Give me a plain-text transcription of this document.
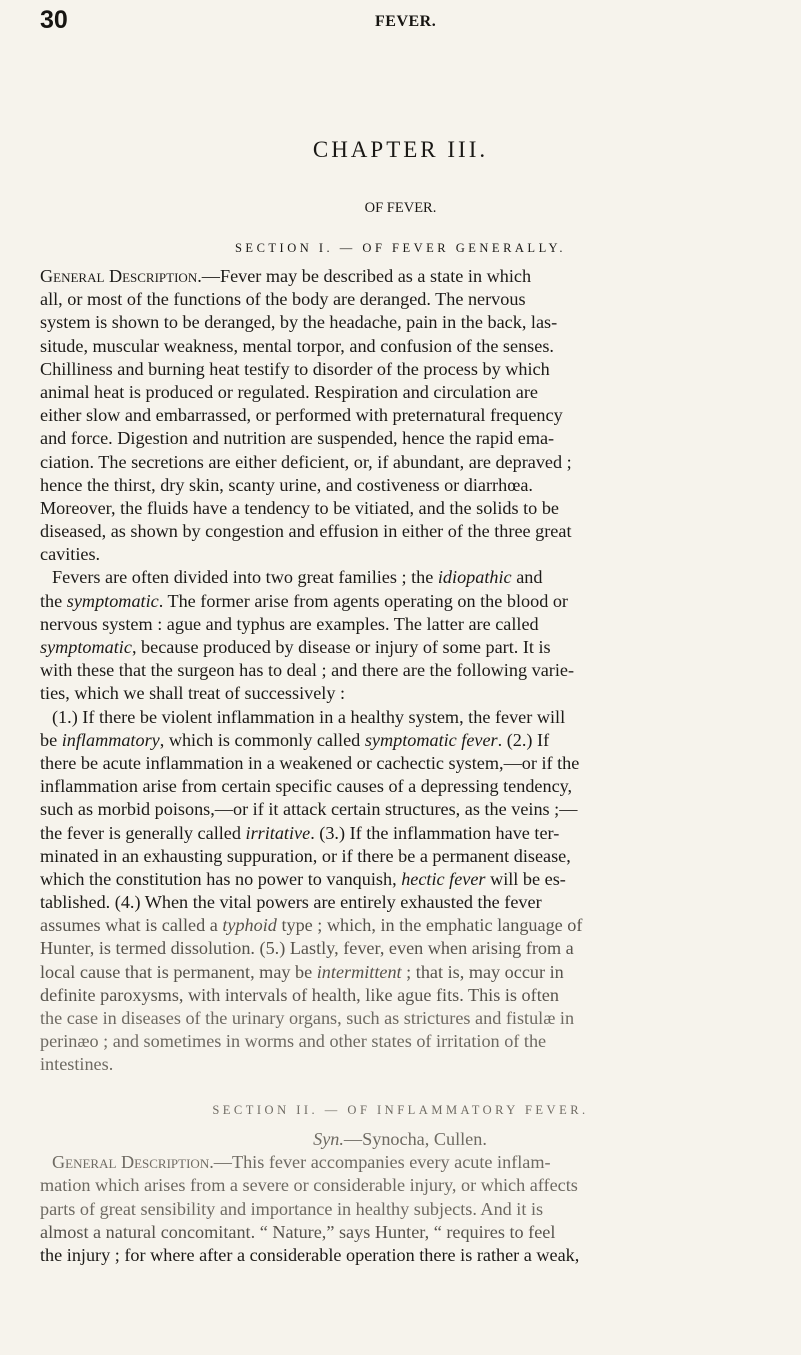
30	FEVER.
CHAPTER III.
OF FEVER.
SECTION I. — OF FEVER GENERALLY.
General Description.—Fever may be described as a state in which
all, or most of the functions of the body are deranged. The nervous
system is shown to be deranged, by the headache, pain in the back, las-
situde, muscular weakness, mental torpor, and confusion of the senses.
Chilliness and burning heat testify to disorder of the process by which
animal heat is produced or regulated. Respiration and circulation are
either slow and embarrassed, or performed with preternatural frequency
and force. Digestion and nutrition are suspended, hence the rapid ema-
ciation. The secretions are either deficient, or, if abundant, are depraved ;
hence the thirst, dry skin, scanty urine, and costiveness or diarrhœa.
Moreover, the fluids have a tendency to be vitiated, and the solids to be
diseased, as shown by congestion and effusion in either of the three great
cavities.
Fevers are often divided into two great families ; the idiopathic and
the symptomatic. The former arise from agents operating on the blood or
nervous system : ague and typhus are examples. The latter are called
symptomatic, because produced by disease or injury of some part. It is
with these that the surgeon has to deal ; and there are the following varie-
ties, which we shall treat of successively :
(1.) If there be violent inflammation in a healthy system, the fever will
be inflammatory, which is commonly called symptomatic fever. (2.) If
there be acute inflammation in a weakened or cachectic system,—or if the
inflammation arise from certain specific causes of a depressing tendency,
such as morbid poisons,—or if it attack certain structures, as the veins ;—
the fever is generally called irritative. (3.) If the inflammation have ter-
minated in an exhausting suppuration, or if there be a permanent disease,
which the constitution has no power to vanquish, hectic fever will be es-
tablished. (4.) When the vital powers are entirely exhausted the fever
assumes what is called a typhoid type ; which, in the emphatic language of
Hunter, is termed dissolution. (5.) Lastly, fever, even when arising from a
local cause that is permanent, may be intermittent ; that is, may occur in
definite paroxysms, with intervals of health, like ague fits. This is often
the case in diseases of the urinary organs, such as strictures and fistulæ in
perinæo ; and sometimes in worms and other states of irritation of the
intestines.
SECTION II. — OF INFLAMMATORY FEVER.
Syn.—Synocha, Cullen.
General Description.—This fever accompanies every acute inflam-
mation which arises from a severe or considerable injury, or which affects
parts of great sensibility and importance in healthy subjects. And it is
almost a natural concomitant. “ Nature,” says Hunter, “ requires to feel
the injury ; for where after a considerable operation there is rather a weak,
